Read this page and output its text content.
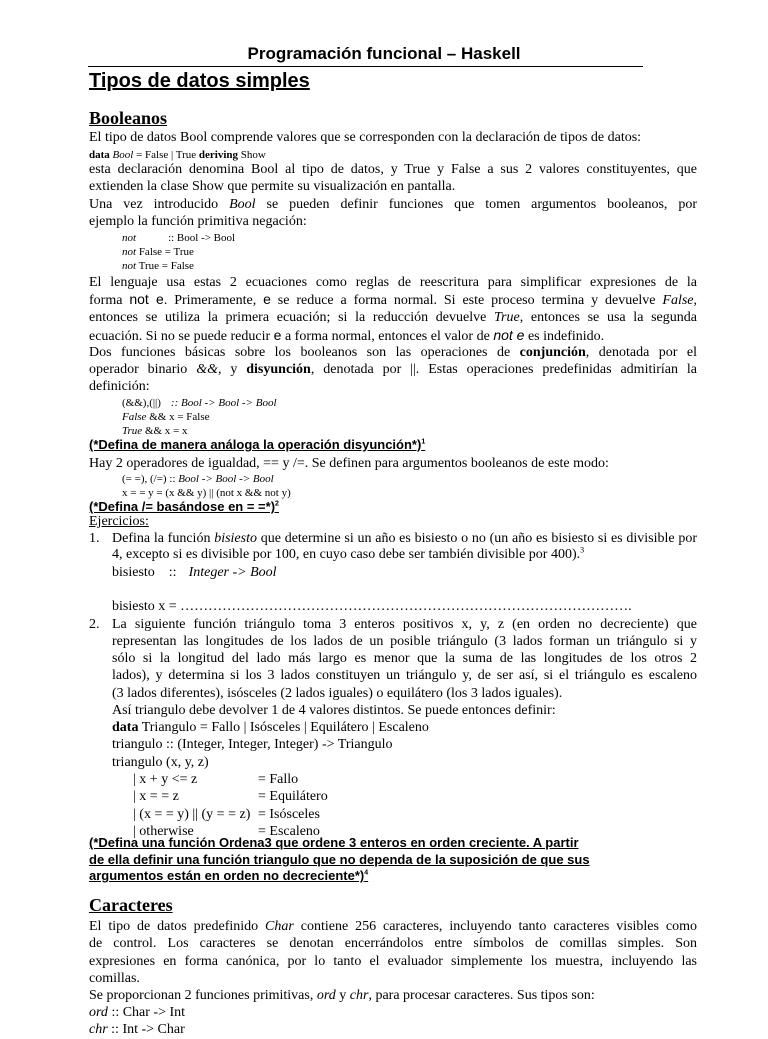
Programación funcional – Haskell
Tipos de datos simples
Booleanos
El tipo de datos Bool comprende valores que se corresponden con la declaración de tipos de datos:
data Bool = False | True deriving Show
esta declaración denomina Bool al tipo de datos, y True y False a sus 2 valores constituyentes, que
extienden la clase Show que permite su visualización en pantalla.
Una vez introducido Bool se pueden definir funciones que tomen argumentos booleanos, por
ejemplo la función primitiva negación:
not	:: Bool -> Bool
not False = True
not True = False
El lenguaje usa estas 2 ecuaciones como reglas de reescritura para simplificar expresiones de la
forma not e. Primeramente, e se reduce a forma normal. Si este proceso termina y devuelve False,
entonces se utiliza la primera ecuación; si la reducción devuelve True, entonces se usa la segunda
ecuación. Si no se puede reducir e a forma normal, entonces el valor de not e es indefinido.
Dos funciones básicas sobre los booleanos son las operaciones de conjunción, denotada por el
operador binario &&, y disyunción, denotada por ||. Estas operaciones predefinidas admitirían la
definición:
(&&),(||) :: Bool -> Bool -> Bool
False && x = False
True && x = x
(*Defina de manera análoga la operación disyunción*)$^1$
Hay 2 operadores de igualdad, == y /=. Se definen para argumentos booleanos de este modo:
(= =), (/=) :: Bool -> Bool -> Bool
x = = y = (x && y) || (not x && not y)
(*Defina /= basándose en = =*)$^2$
Ejercicios:
1. Defina la función bisiesto que determine si un año es bisiesto o no (un año es bisiesto si es divisible por
4, excepto si es divisible por 100, en cuyo caso debe ser también divisible por 400).$^3$
bisiesto :: Integer -> Bool
bisiesto x = …………………………………………………………………………………….
2. La siguiente función triángulo toma 3 enteros positivos x, y, z (en orden no decreciente) que
representan las longitudes de los lados de un posible triángulo (3 lados forman un triángulo si y
sólo si la longitud del lado más largo es menor que la suma de las longitudes de los otros 2
lados), y determina si los 3 lados constituyen un triángulo y, de ser así, si el triángulo es escaleno
(3 lados diferentes), isósceles (2 lados iguales) o equilátero (los 3 lados iguales).
Así triangulo debe devolver 1 de 4 valores distintos. Se puede entonces definir:
data Triangulo = Fallo | Isósceles | Equilátero | Escaleno
triangulo :: (Integer, Integer, Integer) -> Triangulo
triangulo (x, y, z)
| x + y <= z	= Fallo
| x = = z	= Equilátero
| (x = = y) || (y = = z) = Isósceles
| otherwise	= Escaleno
(*Defina una función Ordena3 que ordene 3 enteros en orden creciente. A partir
de ella definir una función triangulo que no dependa de la suposición de que sus
argumentos están en orden no decreciente*)$^4$
Caracteres
El tipo de datos predefinido Char contiene 256 caracteres, incluyendo tanto caracteres visibles como
de control. Los caracteres se denotan encerrándolos entre símbolos de comillas simples. Son
expresiones en forma canónica, por lo tanto el evaluador simplemente los muestra, incluyendo las
comillas.
Se proporcionan 2 funciones primitivas, ord y chr, para procesar caracteres. Sus tipos son:
ord :: Char -> Int
chr :: Int -> Char
